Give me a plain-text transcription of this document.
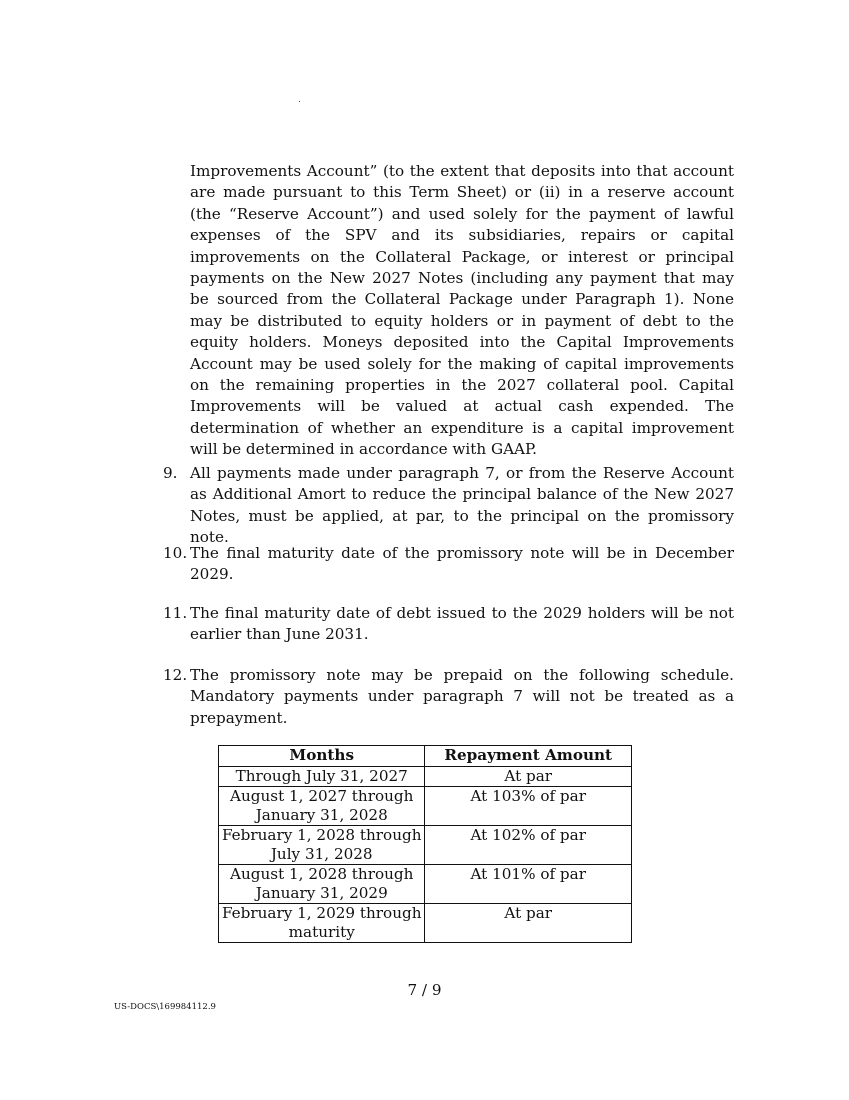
Improvements Account” (to the extent that deposits into that account are made pursuant to this Term Sheet) or (ii) in a reserve account (the “Reserve Account”) and used solely for the payment of lawful expenses of the SPV and its subsidiaries, repairs or capital improvements on the Collateral Package, or interest or principal payments on the New 2027 Notes (including any payment that may be sourced from the Collateral Package under Paragraph 1). None may be distributed to equity holders or in payment of debt to the equity holders. Moneys deposited into the Capital Improvements Account may be used solely for the making of capital improvements on the remaining properties in the 2027 collateral pool. Capital Improvements will be valued at actual cash expended. The determination of whether an expenditure is a capital improvement will be determined in accordance with GAAP.
9. All payments made under paragraph 7, or from the Reserve Account as Additional Amort to reduce the principal balance of the New 2027 Notes, must be applied, at par, to the principal on the promissory note.
10. The final maturity date of the promissory note will be in December 2029.
11. The final maturity date of debt issued to the 2029 holders will be not earlier than June 2031.
12. The promissory note may be prepaid on the following schedule. Mandatory payments under paragraph 7 will not be treated as a prepayment.
Months	Repayment Amount
Through July 31, 2027	At par
August 1, 2027 through January 31, 2028	At 103% of par
February 1, 2028 through July 31, 2028	At 102% of par
August 1, 2028 through January 31, 2029	At 101% of par
February 1, 2029 through maturity	At par
7 / 9
US-DOCS\169984112.9
